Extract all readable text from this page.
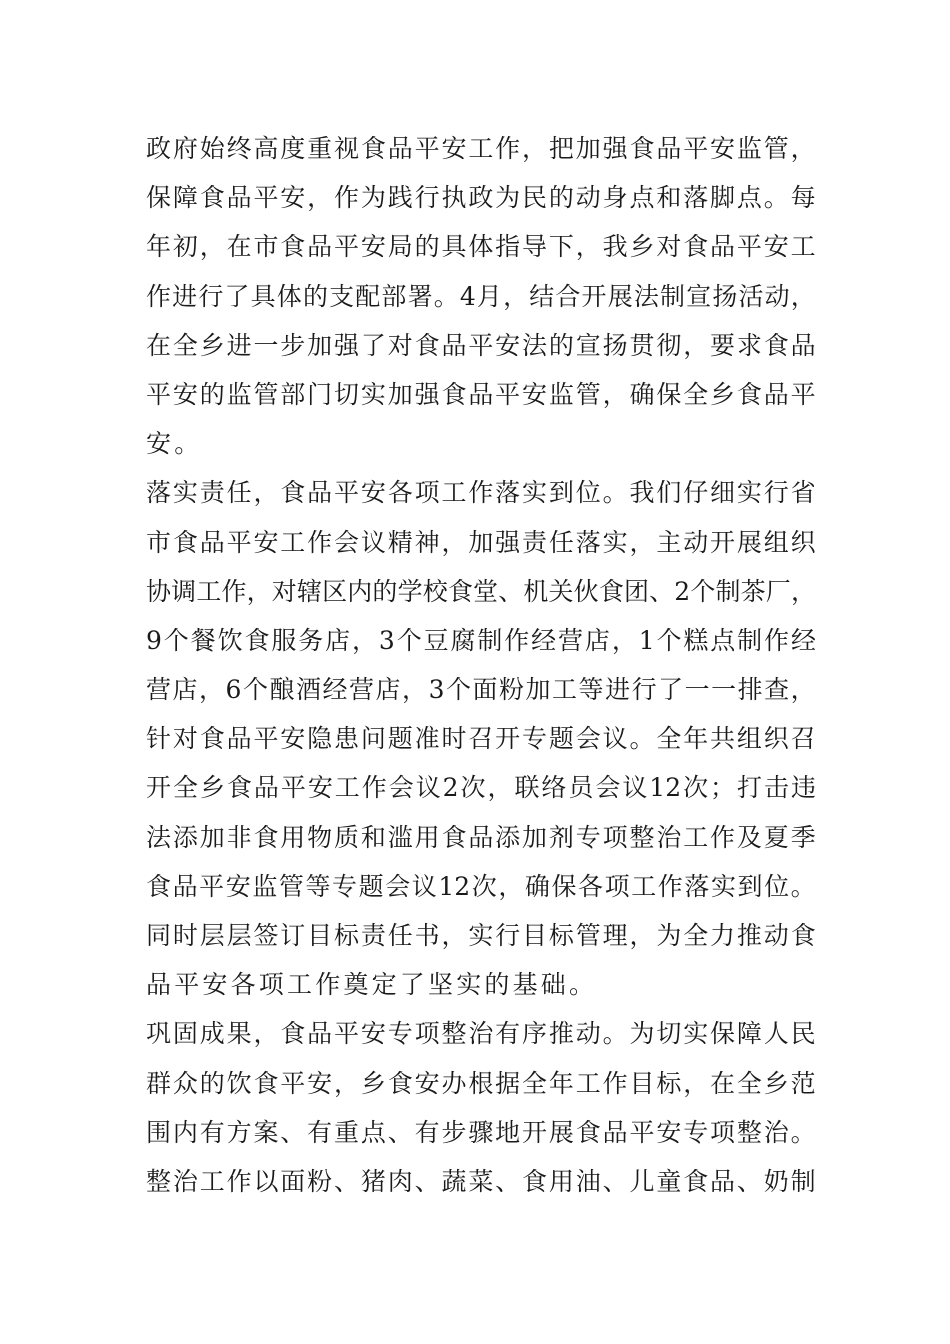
政 府 始 终 高 度 重 视 食 品 平 安 工 作 ， 把 加 强 食 品 平 安 监 管 ，
保 障 食 品 平 安 ， 作 为 践 行 执 政 为 民 的 动 身 点 和 落 脚 点 。 每
年 初 ， 在 市 食 品 平 安 局 的 具 体 指 导 下 ， 我 乡 对 食 品 平 安 工
作 进 行 了 具 体 的 支 配 部 署 。 4 月 ， 结 合 开 展 法 制 宣 扬 活 动 ，
在 全 乡 进 一 步 加 强 了 对 食 品 平 安 法 的 宣 扬 贯 彻 ， 要 求 食 品
平 安 的 监 管 部 门 切 实 加 强 食 品 平 安 监 管 ， 确 保 全 乡 食 品 平
安。
落 实 责 任 ， 食 品 平 安 各 项 工 作 落 实 到 位 。 我 们 仔 细 实 行 省
市 食 品 平 安 工 作 会 议 精 神 ， 加 强 责 任 落 实 ， 主 动 开 展 组 织
协 调 工 作 ， 对 辖 区 内 的 学 校 食 堂 、 机 关 伙 食 团 、 2 个 制 茶 厂 ，
9 个 餐 饮 食 服 务 店 ， 3 个 豆 腐 制 作 经 营 店 ， 1 个 糕 点 制 作 经
营 店 ， 6 个 酿 酒 经 营 店 ， 3 个 面 粉 加 工 等 进 行 了 一 一 排 查 ，
针 对 食 品 平 安 隐 患 问 题 准 时 召 开 专 题 会 议 。 全 年 共 组 织 召
开 全 乡 食 品 平 安 工 作 会 议 2 次 ， 联 络 员 会 议 12 次 ； 打 击 违
法 添 加 非 食 用 物 质 和 滥 用 食 品 添 加 剂 专 项 整 治 工 作 及 夏 季
食 品 平 安 监 管 等 专 题 会 议 12 次 ， 确 保 各 项 工 作 落 实 到 位 。
同 时 层 层 签 订 目 标 责 任 书 ， 实 行 目 标 管 理 ， 为 全 力 推 动 食
品平安各项工作奠定了坚实的基础。
巩 固 成 果 ， 食 品 平 安 专 项 整 治 有 序 推 动 。 为 切 实 保 障 人 民
群 众 的 饮 食 平 安 ， 乡 食 安 办 根 据 全 年 工 作 目 标 ， 在 全 乡 范
围 内 有 方 案 、 有 重 点 、 有 步 骤 地 开 展 食 品 平 安 专 项 整 治 。
整 治 工 作 以 面 粉 、 猪 肉 、 蔬 菜 、 食 用 油 、 儿 童 食 品 、 奶 制
